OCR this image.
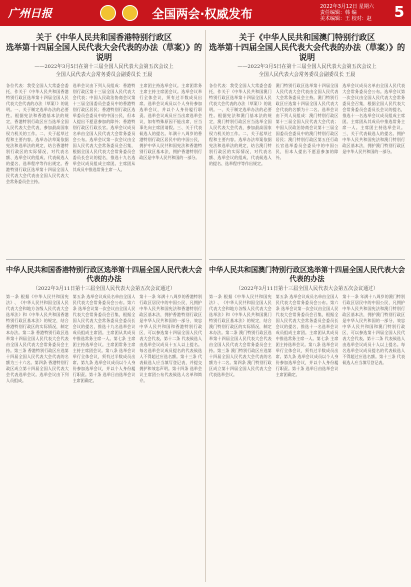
广州日报	全国两会·权威发布	2022年3月12日 星期六
责任编辑：韩 编
美术编辑：王 校对：赵	5
关于《中华人民共和国香港特别行政区
选举第十四届全国人民代表大会代表的办法（草案）》的说明
——2022年3月5日在第十三届全国人民代表大会第五次会议上
全国人民代表大会常务委员会副委员长 王晨
各位代表：我受全国人大常委会委托，作关于《中华人民共和国香港特别行政区选举第十四届全国人民代表大会代表的办法（草案）》的说明。一、关于制定选举办法的必要性。根据宪法和香港基本法的规定，香港特别行政区应当选举全国人民代表大会代表，参加最高国家权力机关的工作。二、关于起草过程和主要内容。选举办法草案依据宪法和选举法的规定，结合香港特别行政区的实际情况，对代表名额、选举会议的组成、代表候选人的提名、选举程序等作出规定。香港特别行政区选举第十四届全国人民代表大会代表由全国人民代表大会常务委员会主持。
选举会议由下列人员组成：香港特别行政区第十三届全国人民代表大会代表；中国人民政治协商会议第十三届全国委员会委员中的香港特别行政区居民；香港特别行政区选举委员会委员中的中国公民，但本人提出不愿意参加的除外；香港特别行政区行政长官。选举会议成员名单由全国人民代表大会常务委员会公布。选举会议第一次会议由全国人民代表大会常务委员会召集，根据全国人民代表大会常务委员会委员长会议的提名，推选十九名选举会议成员组成主席团。主席团从其成员中推选常务主席一人。
主席团主持选举会议。主席团常务主席主持主席团会议。选举会议举行全体会议，须有过半数成员出席。选举会议成员以个人身份参加选举会议，并以个人身份履行职责。选举会议成员应当出席选举会议，如有特殊原因不能出席，应当事先向主席团请假。三、关于代表候选人的提名。年满十八周岁的香港特别行政区居民中的中国公民，拥护中华人民共和国宪法和香港特别行政区基本法，拥护香港特别行政区是中华人民共和国的一部分。
中华人民共和国香港特别行政区选举第十四届全国人民代表大会代表的办法
（2022年3月11日第十三届全国人民代表大会第五次会议通过）
第一条 根据《中华人民共和国宪法》、《中华人民共和国全国人民代表大会和地方各级人民代表大会选举法》和《中华人民共和国香港特别行政区基本法》的规定，结合香港特别行政区的实际情况，制定本办法。第二条 香港特别行政区选举第十四届全国人民代表大会代表由全国人民代表大会常务委员会主持。第三条 香港特别行政区应选第十四届全国人民代表大会代表的名额为三十六名。第四条 香港特别行政区成立第十四届全国人民代表大会代表选举会议。选举会议由下列人员组成。
第五条 选举会议成员名单由全国人民代表大会常务委员会公布。第六条 选举会议第一次会议由全国人民代表大会常务委员会召集，根据全国人民代表大会常务委员会委员长会议的提名，推选十九名选举会议成员组成主席团。主席团从其成员中推选常务主席一人。第七条 主席团主持选举会议。主席团常务主席主持主席团会议。第八条 选举会议举行全体会议，须有过半数成员出席。第九条 选举会议成员以个人身份参加选举会议，并以个人身份履行职责。第十条 选举日由选举会议主席团确定。
第十一条 年满十八周岁的香港特别行政区居民中的中国公民，凡拥护中华人民共和国宪法和香港特别行政区基本法，拥护香港特别行政区是中华人民共和国的一部分，效忠中华人民共和国和香港特别行政区，可以参选第十四届全国人民代表大会代表。第十二条 代表候选人由选举会议成员十五人以上提名。每名选举会议成员提名的代表候选人不得超过应选名额。第十三条 代表候选人应当填写登记表，并提交拥护和效忠声明。第十四条 选举会议主席团公布代表候选人名单和简介。
关于《中华人民共和国澳门特别行政区
选举第十四届全国人民代表大会代表的办法（草案）》的说明
——2022年3月5日在第十三届全国人民代表大会第五次会议上
全国人民代表大会常务委员会副委员长 王晨
各位代表：我受全国人大常委会委托，作关于《中华人民共和国澳门特别行政区选举第十四届全国人民代表大会代表的办法（草案）》的说明。一、关于制定选举办法的必要性。根据宪法和澳门基本法的规定，澳门特别行政区应当选举全国人民代表大会代表，参加最高国家权力机关的工作。二、关于起草过程和主要内容。选举办法草案依据宪法和选举法的规定，结合澳门特别行政区的实际情况，对代表名额、选举会议的组成、代表候选人的提名、选举程序等作出规定。
澳门特别行政区选举第十四届全国人民代表大会代表由全国人民代表大会常务委员会主持。澳门特别行政区应选第十四届全国人民代表大会代表的名额为十二名。选举会议由下列人员组成：澳门特别行政区第十三届全国人民代表大会代表；中国人民政治协商会议第十三届全国委员会委员中的澳门特别行政区居民；澳门特别行政区第五任行政长官选举委员会委员中的中国公民，但本人提出不愿意参加的除外。
选举会议成员名单由全国人民代表大会常务委员会公布。选举会议第一次会议由全国人民代表大会常务委员会召集，根据全国人民代表大会常务委员会委员长会议的提名，推选十一名选举会议成员组成主席团。主席团从其成员中推选常务主席一人。主席团主持选举会议。三、关于代表候选人的提名。拥护中华人民共和国宪法和澳门特别行政区基本法，拥护澳门特别行政区是中华人民共和国的一部分。
中华人民共和国澳门特别行政区选举第十四届全国人民代表大会代表的办法
（2022年3月11日第十三届全国人民代表大会第五次会议通过）
第一条 根据《中华人民共和国宪法》、《中华人民共和国全国人民代表大会和地方各级人民代表大会选举法》和《中华人民共和国澳门特别行政区基本法》的规定，结合澳门特别行政区的实际情况，制定本办法。第二条 澳门特别行政区选举第十四届全国人民代表大会代表由全国人民代表大会常务委员会主持。第三条 澳门特别行政区应选第十四届全国人民代表大会代表的名额为十二名。第四条 澳门特别行政区成立第十四届全国人民代表大会代表选举会议。
第五条 选举会议成员名单由全国人民代表大会常务委员会公布。第六条 选举会议第一次会议由全国人民代表大会常务委员会召集，根据全国人民代表大会常务委员会委员长会议的提名，推选十一名选举会议成员组成主席团。主席团从其成员中推选常务主席一人。第七条 主席团主持选举会议。第八条 选举会议举行全体会议，须有过半数成员出席。第九条 选举会议成员以个人身份参加选举会议，并以个人身份履行职责。第十条 选举日由选举会议主席团确定。
第十一条 年满十八周岁的澳门特别行政区居民中的中国公民，凡拥护中华人民共和国宪法和澳门特别行政区基本法，拥护澳门特别行政区是中华人民共和国的一部分，效忠中华人民共和国和澳门特别行政区，可以参选第十四届全国人民代表大会代表。第十二条 代表候选人由选举会议成员十人以上提名。每名选举会议成员提名的代表候选人不得超过应选名额。第十三条 代表候选人应当填写登记表。
